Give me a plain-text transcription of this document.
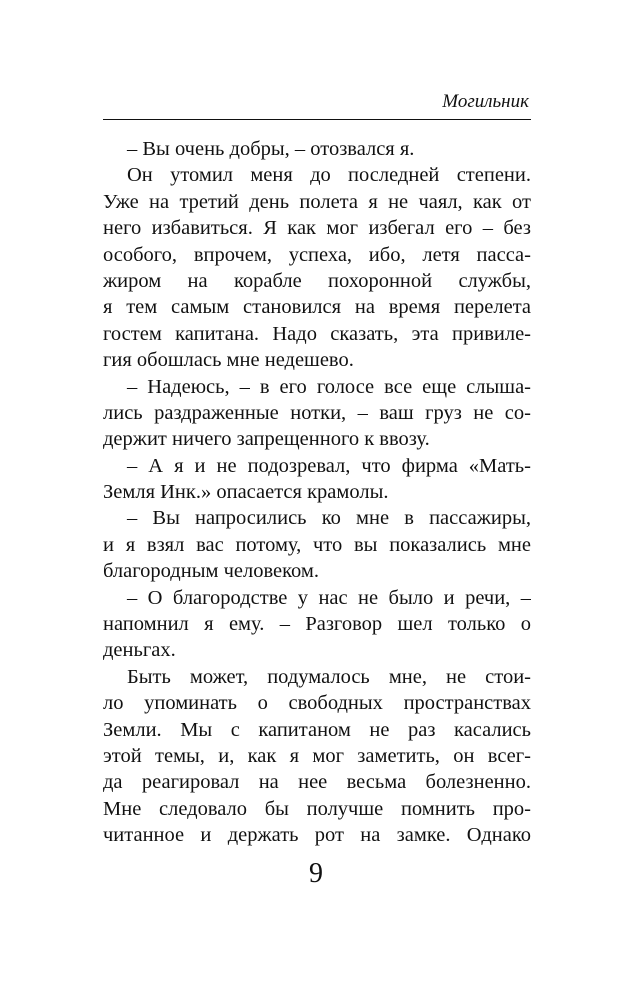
Могильник
– Вы очень добры, – отозвался я.
Он утомил меня до последней степени.
Уже на третий день полета я не чаял, как от
него избавиться. Я как мог избегал его – без
особого, впрочем, успеха, ибо, летя пасса-
жиром на корабле похоронной службы,
я тем самым становился на время перелета
гостем капитана. Надо сказать, эта привиле-
гия обошлась мне недешево.
– Надеюсь, – в его голосе все еще слыша-
лись раздраженные нотки, – ваш груз не со-
держит ничего запрещенного к ввозу.
– А я и не подозревал, что фирма «Мать-
Земля Инк.» опасается крамолы.
– Вы напросились ко мне в пассажиры,
и я взял вас потому, что вы показались мне
благородным человеком.
– О благородстве у нас не было и речи, –
напомнил я ему. – Разговор шел только о
деньгах.
Быть может, подумалось мне, не стои-
ло упоминать о свободных пространствах
Земли. Мы с капитаном не раз касались
этой темы, и, как я мог заметить, он всег-
да реагировал на нее весьма болезненно.
Мне следовало бы получше помнить про-
читанное и держать рот на замке. Однако
9
